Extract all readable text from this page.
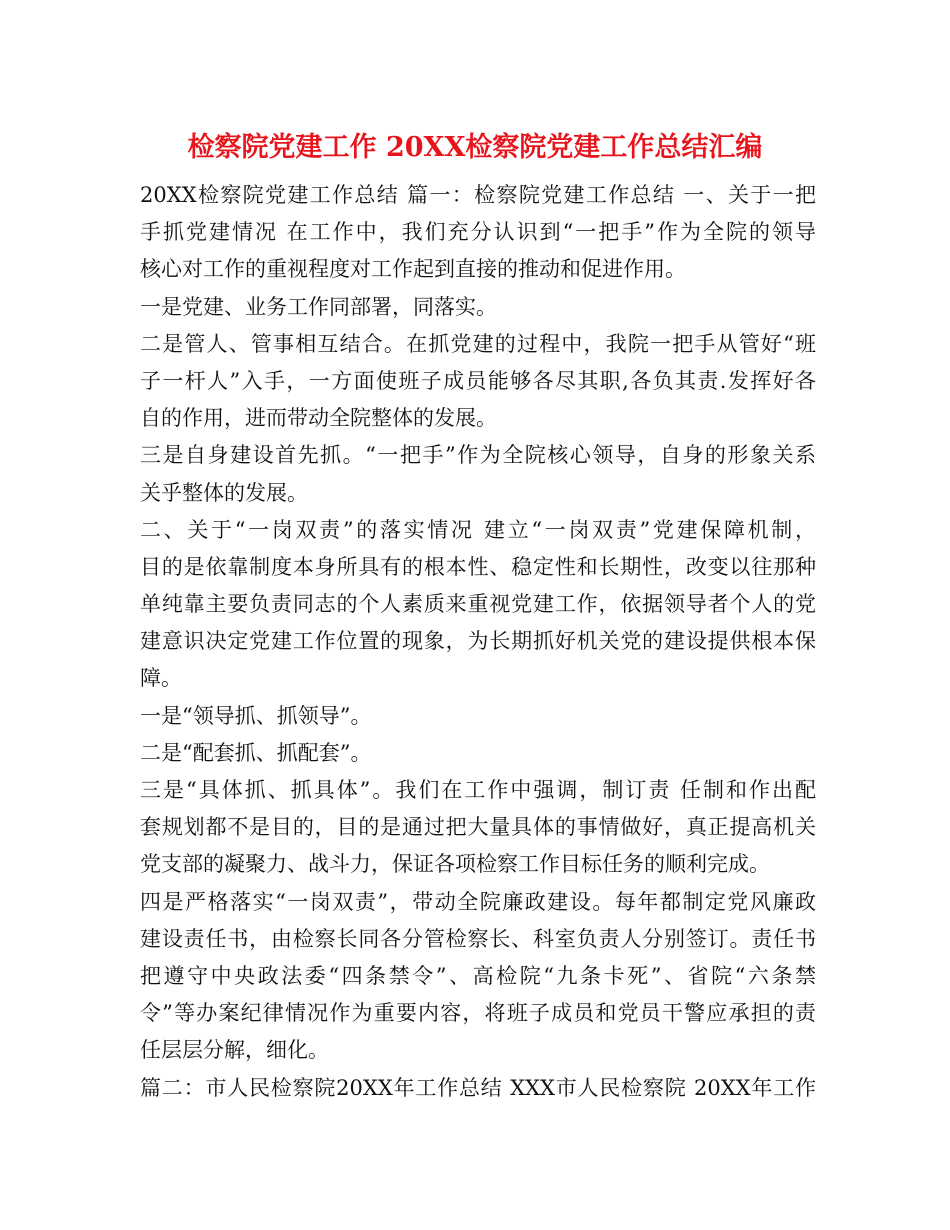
检察院党建工作 20XX检察院党建工作总结汇编
20XX检察院党建工作总结 篇一：检察院党建工作总结 一、关于一把
手抓党建情况 在工作中，我们充分认识到“一把手”作为全院的领导
核心对工作的重视程度对工作起到直接的推动和促进作用。
一是党建、业务工作同部署，同落实。
二是管人、管事相互结合。在抓党建的过程中，我院一把手从管好“班
子一杆人”入手，一方面使班子成员能够各尽其职,各负其责.发挥好各
自的作用，进而带动全院整体的发展。
三是自身建设首先抓。“一把手”作为全院核心领导，自身的形象关系
关乎整体的发展。
二、关于“一岗双责”的落实情况 建立“一岗双责”党建保障机制，
目的是依靠制度本身所具有的根本性、稳定性和长期性，改变以往那种
单纯靠主要负责同志的个人素质来重视党建工作，依据领导者个人的党
建意识决定党建工作位置的现象，为长期抓好机关党的建设提供根本保
障。
一是“领导抓、抓领导”。
二是“配套抓、抓配套”。
三是“具体抓、抓具体”。我们在工作中强调，制订责 任制和作出配
套规划都不是目的，目的是通过把大量具体的事情做好，真正提高机关
党支部的凝聚力、战斗力，保证各项检察工作目标任务的顺利完成。
四是严格落实“一岗双责”，带动全院廉政建设。每年都制定党风廉政
建设责任书，由检察长同各分管检察长、科室负责人分别签订。责任书
把遵守中央政法委“四条禁令”、高检院“九条卡死”、省院“六条禁
令”等办案纪律情况作为重要内容，将班子成员和党员干警应承担的责
任层层分解，细化。
篇二：市人民检察院20XX年工作总结 XXX市人民检察院 20XX年工作
